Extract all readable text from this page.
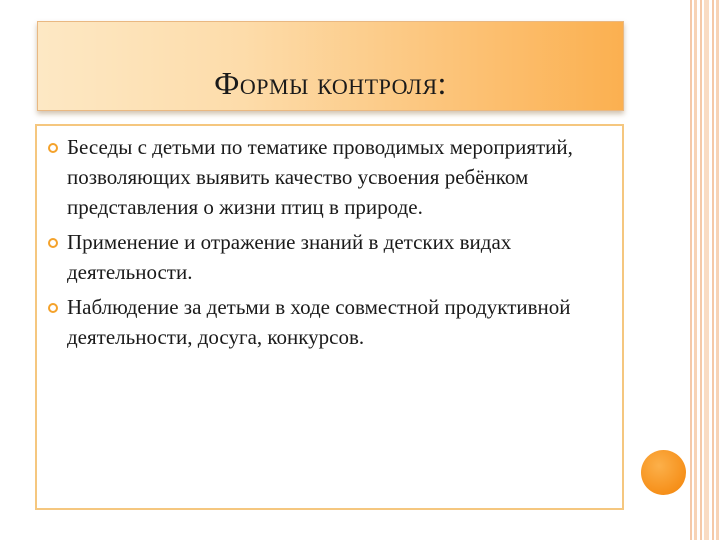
Формы контроля:
Беседы с детьми по тематике проводимых мероприятий, позволяющих выявить качество усвоения ребёнком представления о жизни птиц в природе.
Применение и отражение знаний в детских видах деятельности.
Наблюдение за детьми в ходе совместной продуктивной деятельности, досуга, конкурсов.
